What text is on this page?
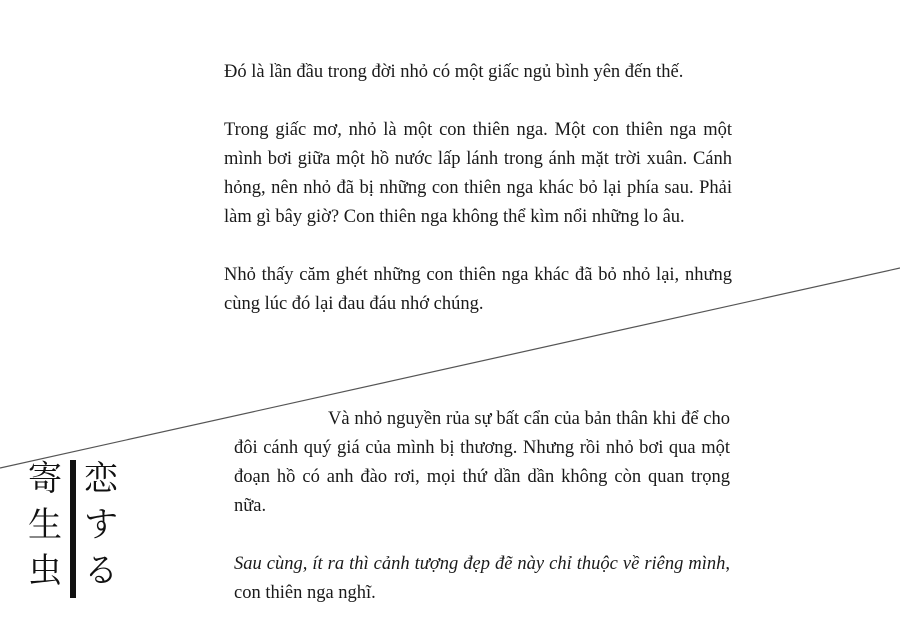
Đó là lần đầu trong đời nhỏ có một giấc ngủ bình yên đến thế.

Trong giấc mơ, nhỏ là một con thiên nga. Một con thiên nga một mình bơi giữa một hồ nước lấp lánh trong ánh mặt trời xuân. Cánh hỏng, nên nhỏ đã bị những con thiên nga khác bỏ lại phía sau. Phải làm gì bây giờ? Con thiên nga không thể kìm nổi những lo âu.

Nhỏ thấy căm ghét những con thiên nga khác đã bỏ nhỏ lại, nhưng cùng lúc đó lại đau đáu nhớ chúng.

Và nhỏ nguyền rủa sự bất cẩn của bản thân khi để cho đôi cánh quý giá của mình bị thương. Nhưng rồi nhỏ bơi qua một đoạn hồ có anh đào rơi, mọi thứ dần dần không còn quan trọng nữa.

Sau cùng, ít ra thì cảnh tượng đẹp đẽ này chỉ thuộc về riêng mình, con thiên nga nghĩ.

寄
生
虫
恋
す
る
